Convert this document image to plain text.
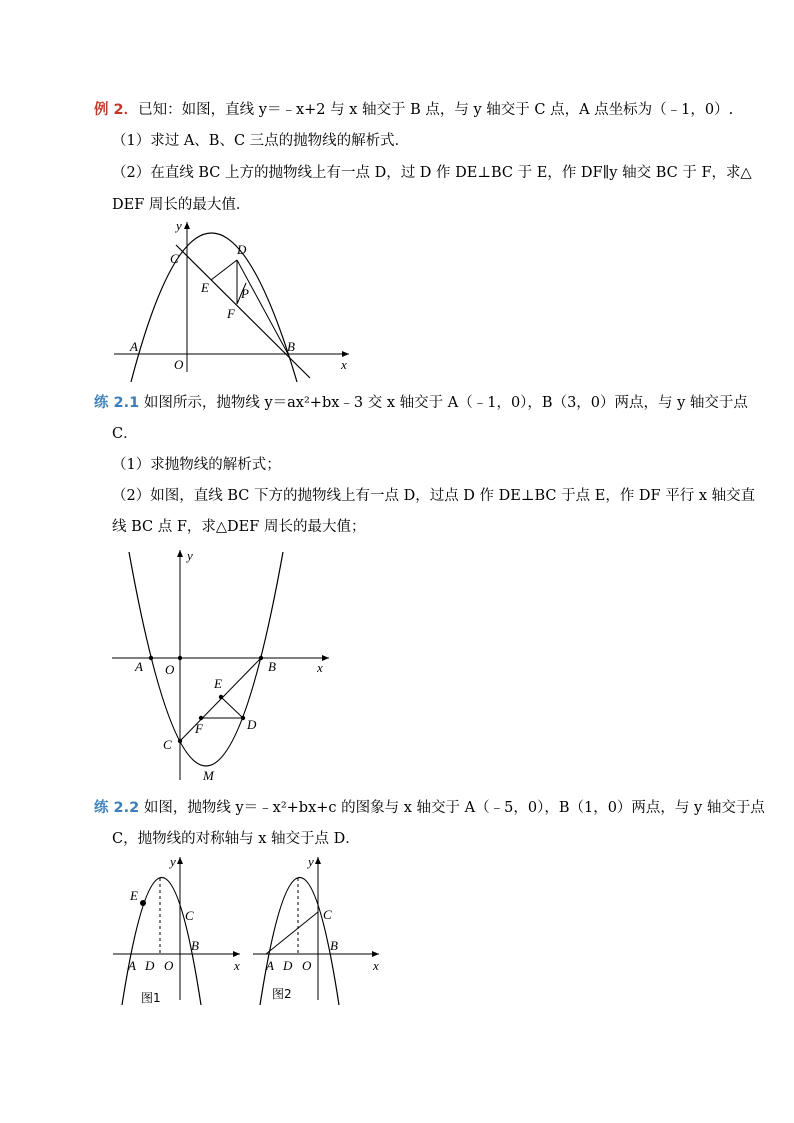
例 2．已知：如图，直线 y＝﹣x+2 与 x 轴交于 B 点，与 y 轴交于 C 点，A 点坐标为（﹣1，0）.
（1）求过 A、B、C 三点的抛物线的解析式．
（2）在直线 BC 上方的抛物线上有一点 D，过 D 作 DE⊥BC 于 E，作 DF∥y 轴交 BC 于 F，求△
DEF 周长的最大值．
y
x
C
D
E P
F
A
O
B
练 2.1 如图所示，抛物线 y＝ax²+bx﹣3 交 x 轴交于 A（﹣1，0），B（3，0）两点，与 y 轴交于点
C．
（1）求抛物线的解析式；
（2）如图，直线 BC 下方的抛物线上有一点 D，过点 D 作 DE⊥BC 于点 E，作 DF 平行 x 轴交直
线 BC 点 F，求△DEF 周长的最大值；
y
x
A O	B
E
D
F
C
M
练 2.2 如图，抛物线 y＝﹣x²+bx+c 的图象与 x 轴交于 A（﹣5，0），B（1，0）两点，与 y 轴交于点
C，抛物线的对称轴与 x 轴交于点 D．
y
x
E
C
B
A D O
图1
y
x
C
B
A D O
图2
